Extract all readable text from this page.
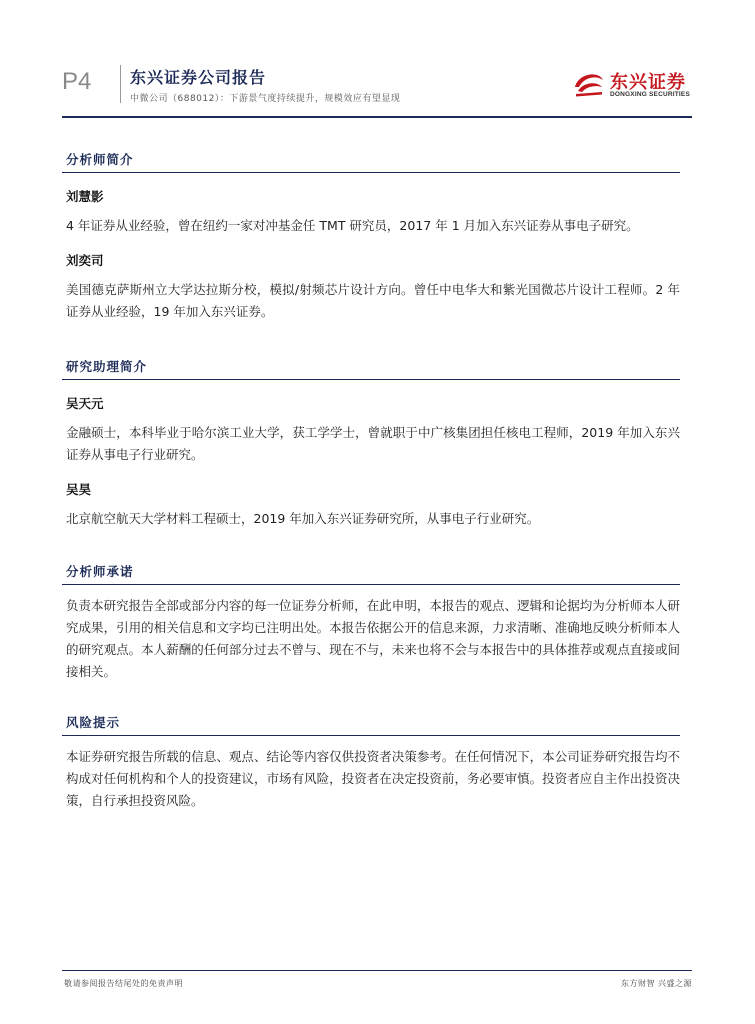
P4 东兴证券公司报告
中微公司（688012）：下游景气度持续提升，规模效应有望显现
东兴证券
DONGXING SECURITIES
分析师简介
刘慧影
4 年证券从业经验，曾在纽约一家对冲基金任 TMT 研究员，2017 年 1 月加入东兴证券从事电子研究。
刘奕司
美国德克萨斯州立大学达拉斯分校，模拟/射频芯片设计方向。曾任中电华大和紫光国微芯片设计工程师。2 年证券从业经验，19 年加入东兴证券。
研究助理简介
吴天元
金融硕士，本科毕业于哈尔滨工业大学，获工学学士，曾就职于中广核集团担任核电工程师，2019 年加入东兴证券从事电子行业研究。
吴昊
北京航空航天大学材料工程硕士，2019 年加入东兴证券研究所，从事电子行业研究。
分析师承诺
负责本研究报告全部或部分内容的每一位证券分析师，在此申明，本报告的观点、逻辑和论据均为分析师本人研究成果，引用的相关信息和文字均已注明出处。本报告依据公开的信息来源，力求清晰、准确地反映分析师本人的研究观点。本人薪酬的任何部分过去不曾与、现在不与，未来也将不会与本报告中的具体推荐或观点直接或间接相关。
风险提示
本证券研究报告所载的信息、观点、结论等内容仅供投资者决策参考。在任何情况下，本公司证券研究报告均不构成对任何机构和个人的投资建议，市场有风险，投资者在决定投资前，务必要审慎。投资者应自主作出投资决策，自行承担投资风险。
敬请参阅报告结尾处的免责声明	东方财智 兴盛之源
